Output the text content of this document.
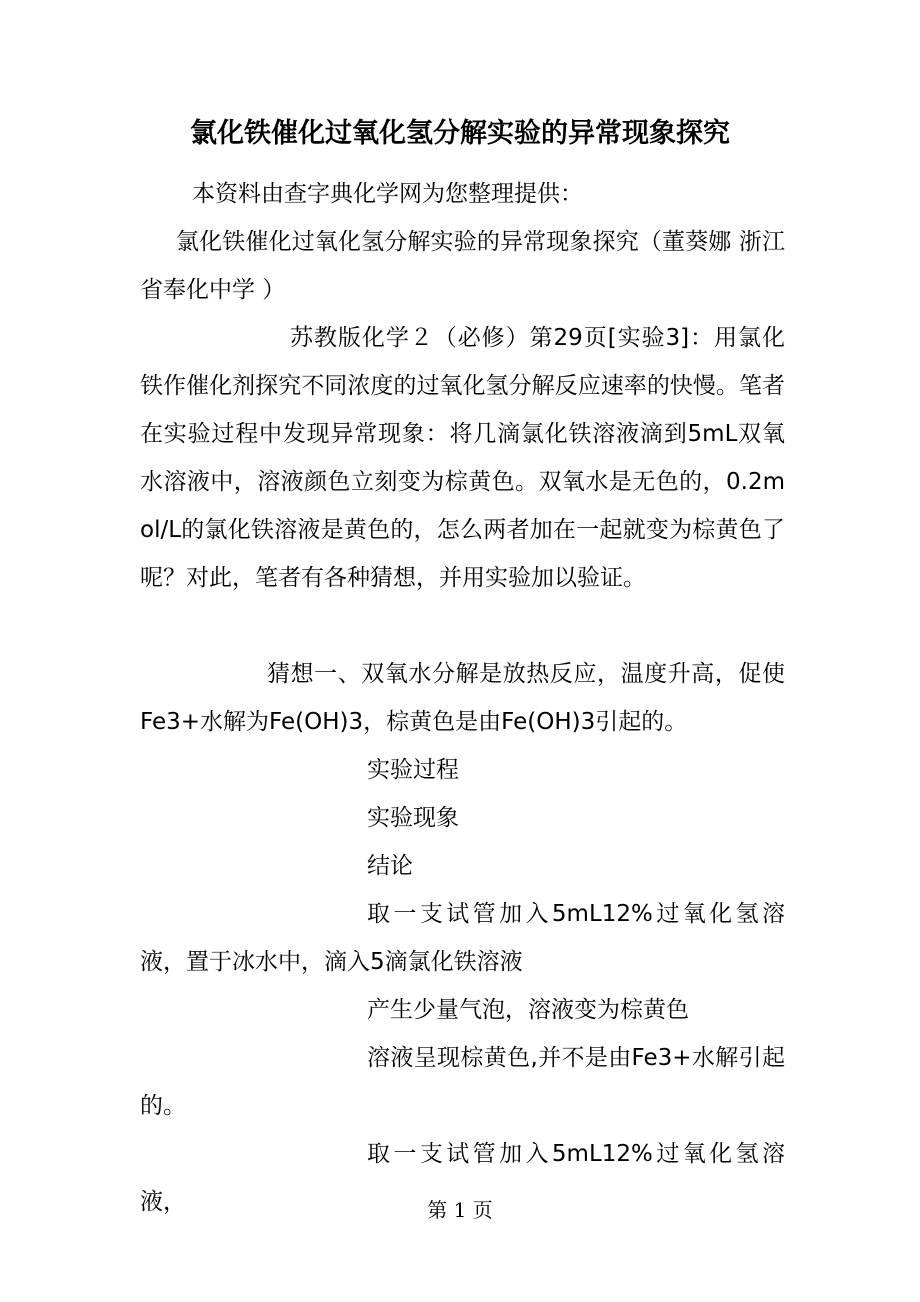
氯化铁催化过氧化氢分解实验的异常现象探究

本资料由查字典化学网为您整理提供：

氯化铁催化过氧化氢分解实验的异常现象探究（董葵娜 浙江省奉化中学 ）

苏教版化学２（必修）第29页[实验3]：用氯化铁作催化剂探究不同浓度的过氧化氢分解反应速率的快慢。笔者在实验过程中发现异常现象：将几滴氯化铁溶液滴到5mL双氧水溶液中，溶液颜色立刻变为棕黄色。双氧水是无色的，0.2mol/L的氯化铁溶液是黄色的，怎么两者加在一起就变为棕黄色了呢？对此，笔者有各种猜想，并用实验加以验证。

猜想一、双氧水分解是放热反应，温度升高，促使Fe3+水解为Fe(OH)3，棕黄色是由Fe(OH)3引起的。

实验过程

实验现象

结论

取一支试管加入5mL12%过氧化氢溶液，置于冰水中，滴入5滴氯化铁溶液

产生少量气泡，溶液变为棕黄色

溶液呈现棕黄色,并不是由Fe3+水解引起的。

取一支试管加入5mL12%过氧化氢溶液，	第 1 页
